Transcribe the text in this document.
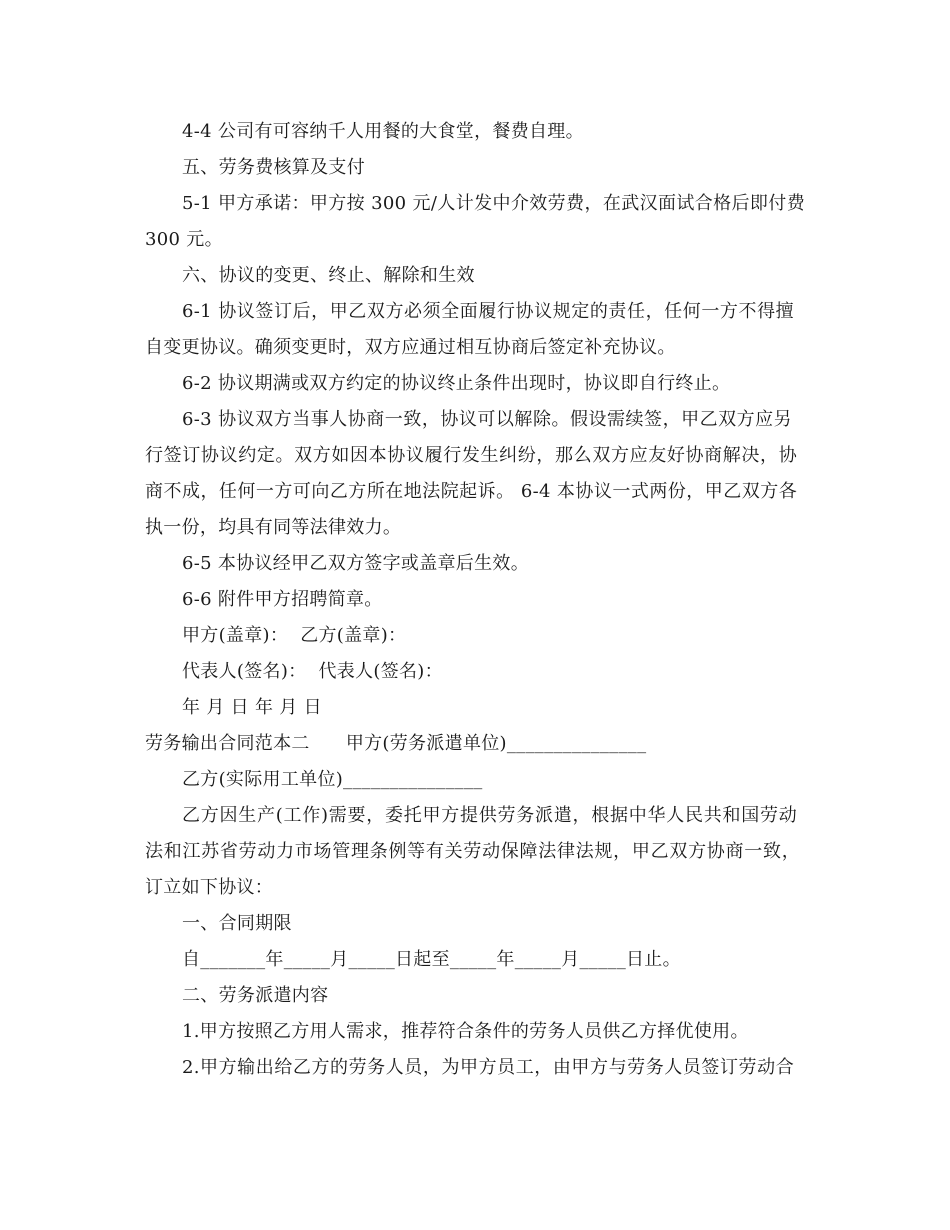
4-4 公司有可容纳千人用餐的大食堂，餐费自理。
五、劳务费核算及支付
5-1 甲方承诺：甲方按 300 元/人计发中介效劳费，在武汉面试合格后即付费
300 元。
六、协议的变更、终止、解除和生效
6-1 协议签订后，甲乙双方必须全面履行协议规定的责任，任何一方不得擅
自变更协议。确须变更时，双方应通过相互协商后签定补充协议。
6-2 协议期满或双方约定的协议终止条件出现时，协议即自行终止。
6-3 协议双方当事人协商一致，协议可以解除。假设需续签，甲乙双方应另
行签订协议约定。双方如因本协议履行发生纠纷，那么双方应友好协商解决，协
商不成，任何一方可向乙方所在地法院起诉。 6-4 本协议一式两份，甲乙双方各
执一份，均具有同等法律效力。
6-5 本协议经甲乙双方签字或盖章后生效。
6-6 附件甲方招聘简章。
甲方(盖章)：  乙方(盖章)：
代表人(签名)：  代表人(签名)：
年 月 日 年 月 日
劳务输出合同范本二      甲方(劳务派遣单位)_______________
乙方(实际用工单位)_______________
乙方因生产(工作)需要，委托甲方提供劳务派遣，根据中华人民共和国劳动
法和江苏省劳动力市场管理条例等有关劳动保障法律法规，甲乙双方协商一致，
订立如下协议：
一、合同期限
自_______年_____月_____日起至_____年_____月_____日止。
二、劳务派遣内容
1.甲方按照乙方用人需求，推荐符合条件的劳务人员供乙方择优使用。
2.甲方输出给乙方的劳务人员，为甲方员工，由甲方与劳务人员签订劳动合
